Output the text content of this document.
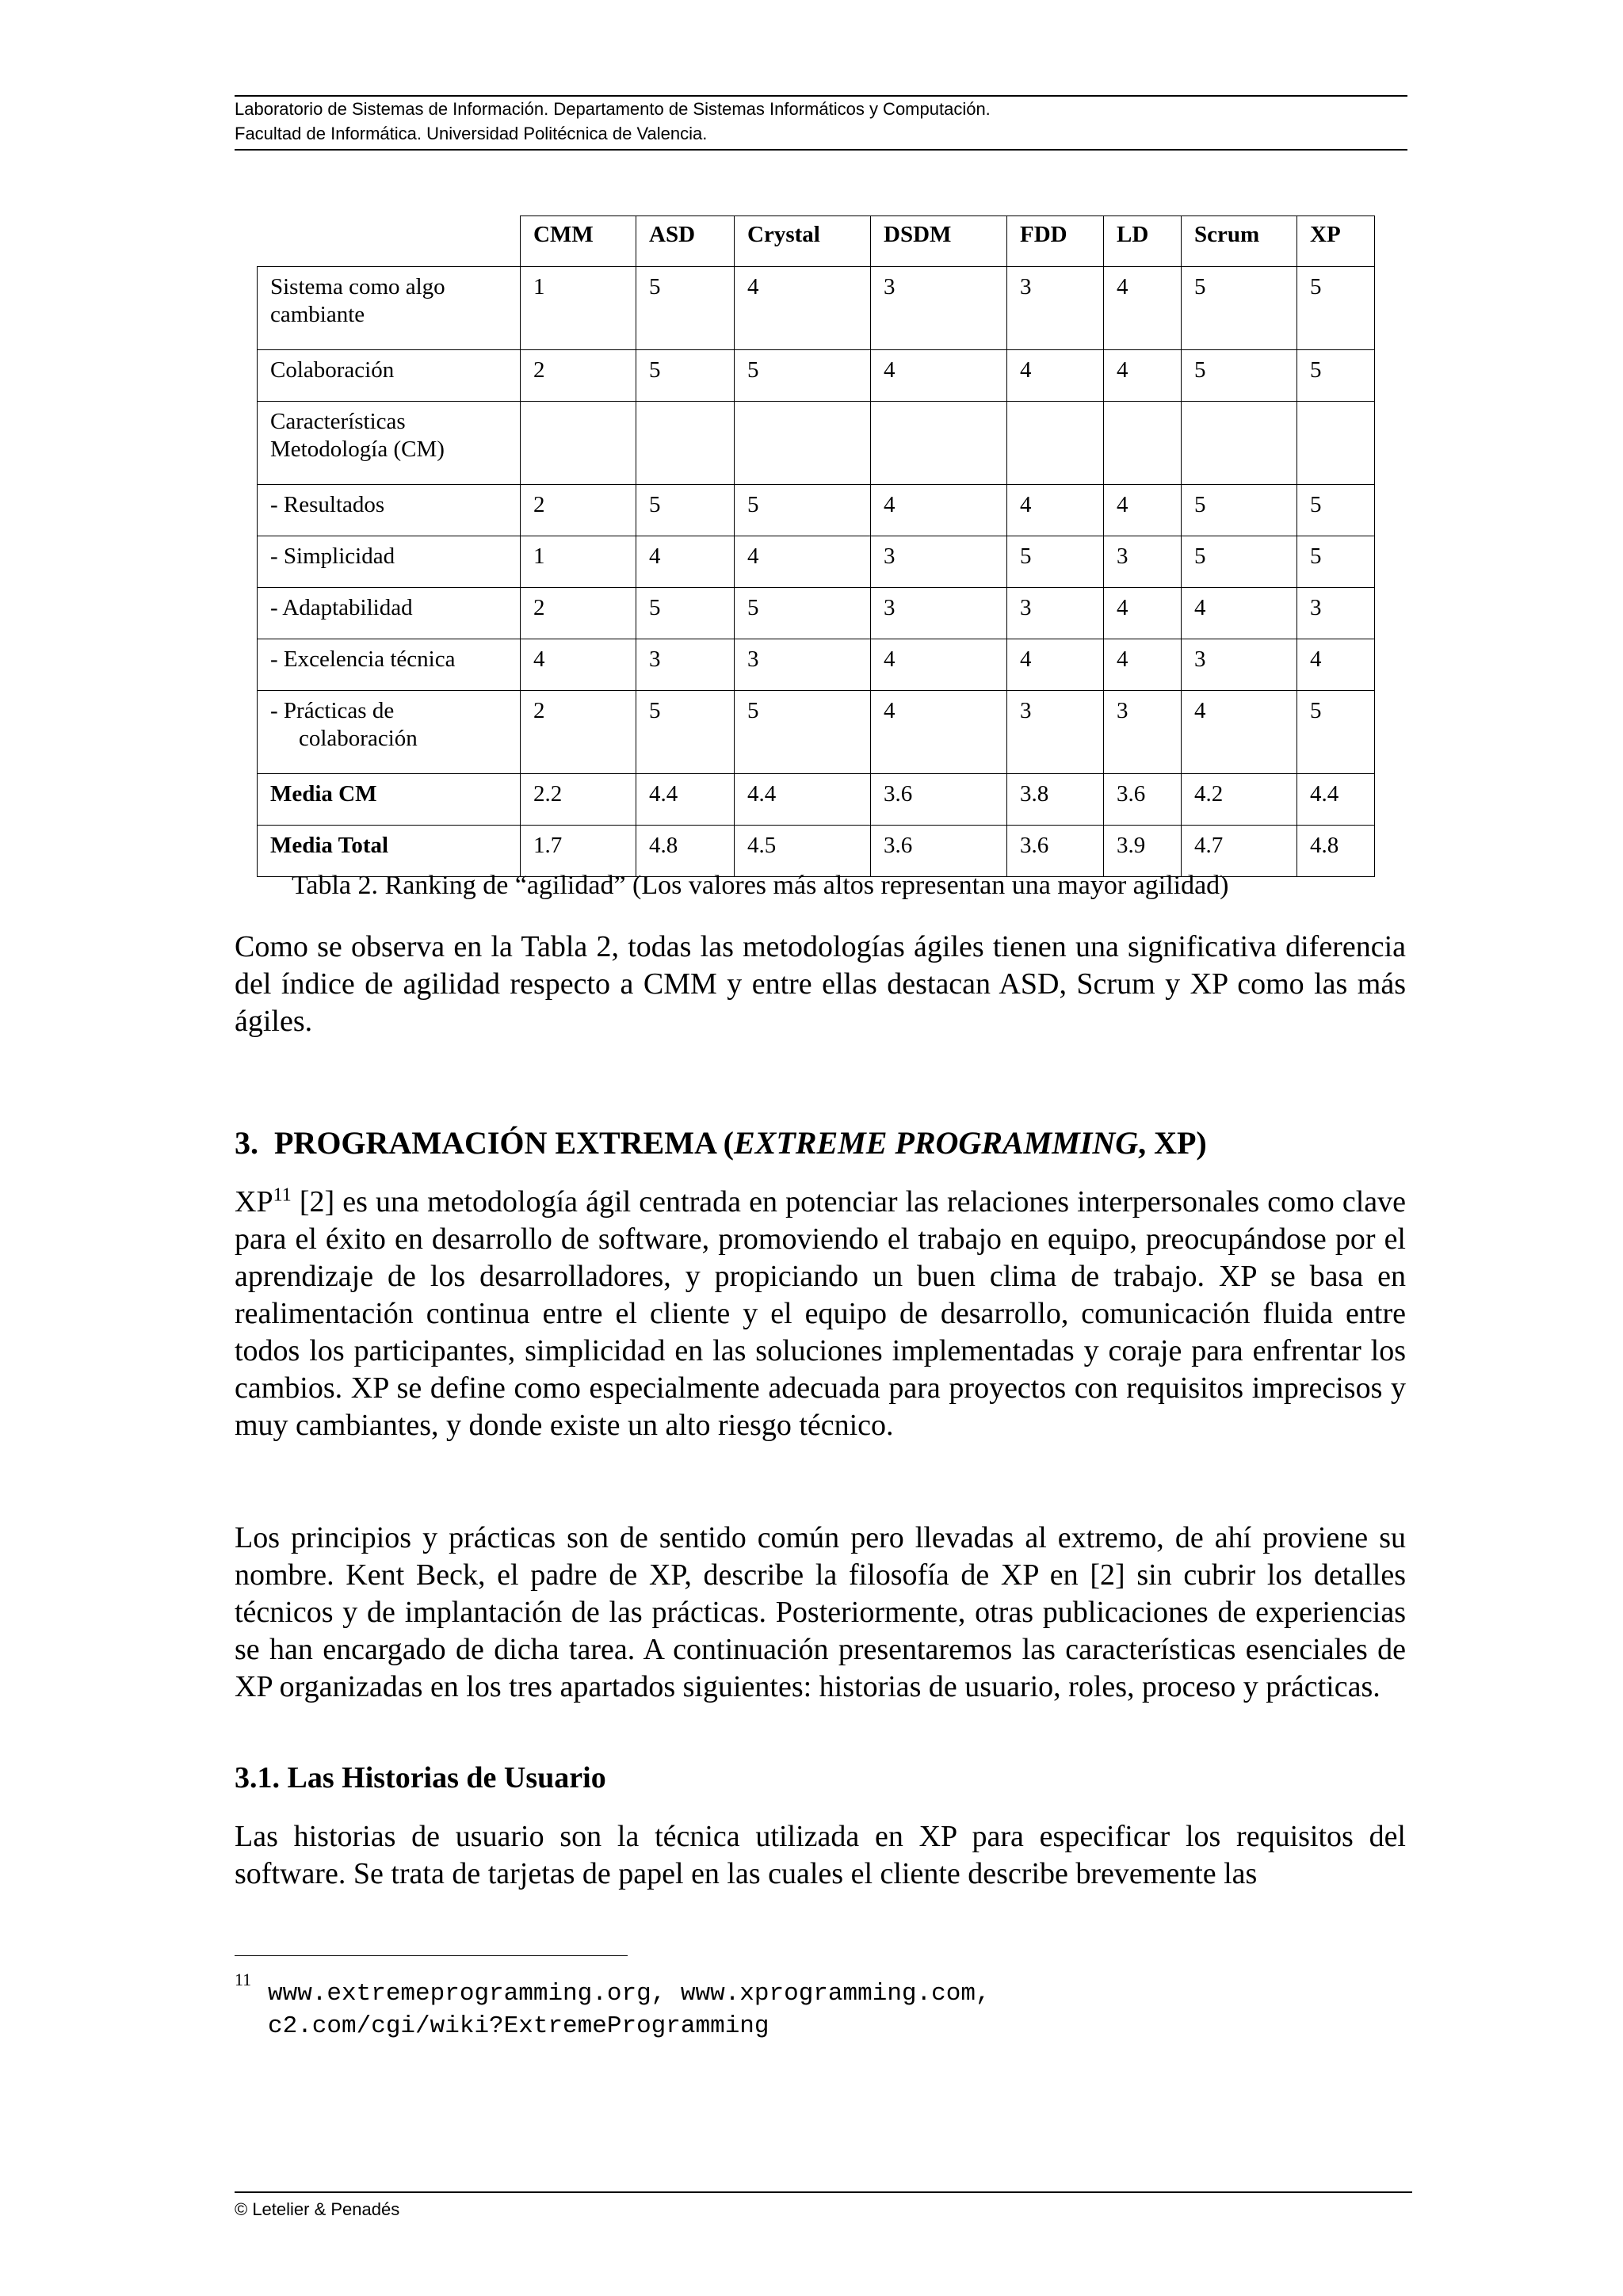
Laboratorio de Sistemas de Información. Departamento de Sistemas Informáticos y Computación.
Facultad de Informática. Universidad Politécnica de Valencia.
	CMM	ASD	Crystal	DSDM	FDD	LD	Scrum	XP
Sistema como algo cambiante	1	5	4	3	3	4	5	5
Colaboración	2	5	5	4	4	4	5	5
Características Metodología (CM)								
- Resultados	2	5	5	4	4	4	5	5
- Simplicidad	1	4	4	3	5	3	5	5
- Adaptabilidad	2	5	5	3	3	4	4	3
- Excelencia técnica	4	3	3	4	4	4	3	4

- Prácticas de colaboración	2	5	5	4	3	3	4	5
Media CM	2.2	4.4	4.4	3.6	3.8	3.6	4.2	4.4
Media Total	1.7	4.8	4.5	3.6	3.6	3.9	4.7	4.8
Tabla 2. Ranking de “agilidad” (Los valores más altos representan una mayor agilidad)

Como se observa en la Tabla 2, todas las metodologías ágiles tienen una significativa diferencia del índice de agilidad respecto a CMM y entre ellas destacan ASD, Scrum y XP como las más ágiles.

3. PROGRAMACIÓN EXTREMA (EXTREME PROGRAMMING, XP)

XP$^{11}$ [2] es una metodología ágil centrada en potenciar las relaciones interpersonales como clave para el éxito en desarrollo de software, promoviendo el trabajo en equipo, preocupándose por el aprendizaje de los desarrolladores, y propiciando un buen clima de trabajo. XP se basa en realimentación continua entre el cliente y el equipo de desarrollo, comunicación fluida entre todos los participantes, simplicidad en las soluciones implementadas y coraje para enfrentar los cambios. XP se define como especialmente adecuada para proyectos con requisitos imprecisos y muy cambiantes, y donde existe un alto riesgo técnico.

Los principios y prácticas son de sentido común pero llevadas al extremo, de ahí proviene su nombre. Kent Beck, el padre de XP, describe la filosofía de XP en [2] sin cubrir los detalles técnicos y de implantación de las prácticas. Posteriormente, otras publicaciones de experiencias se han encargado de dicha tarea. A continuación presentaremos las características esenciales de XP organizadas en los tres apartados siguientes: historias de usuario, roles, proceso y prácticas.

3.1. Las Historias de Usuario

Las historias de usuario son la técnica utilizada en XP para especificar los requisitos del software. Se trata de tarjetas de papel en las cuales el cliente describe brevemente las

11
www.extremeprogramming.org, www.xprogramming.com,
c2.com/cgi/wiki?ExtremeProgramming
© Letelier & Penadés
